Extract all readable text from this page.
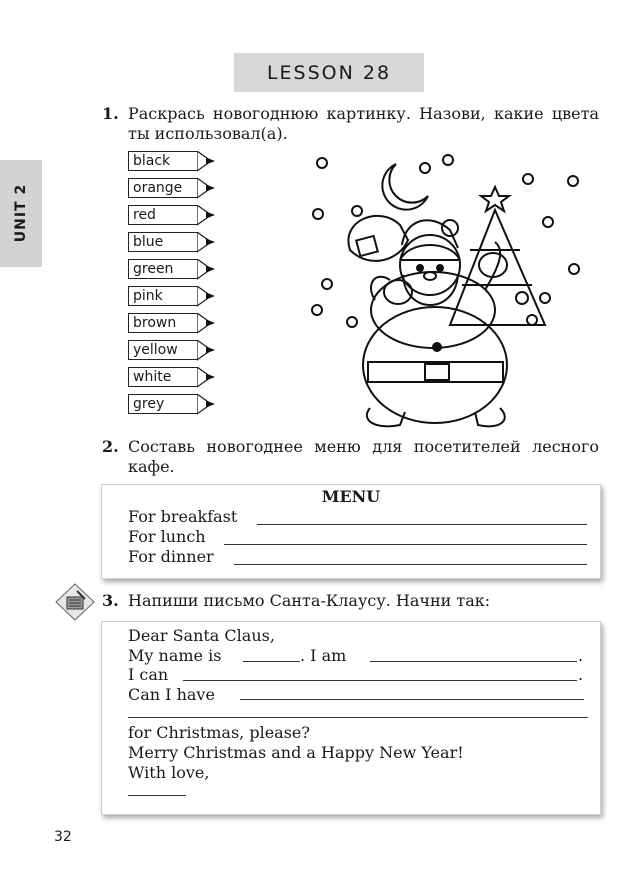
LESSON 28
UNIT 2
1. Раскрась новогоднюю картинку. Назови, какие цвета ты использовал(а).
black
orange
red
blue
green
pink
brown
yellow
white
grey
2. Составь новогоднее меню для посетителей лесного кафе.
MENU
For breakfast
For lunch
For dinner
3. Напиши письмо Санта-Клаусу. Начни так:
Dear Santa Claus,
My name is	. I am	.
I can	.
Can I have
for Christmas, please?
Merry Christmas and a Happy New Year!
With love,
32
